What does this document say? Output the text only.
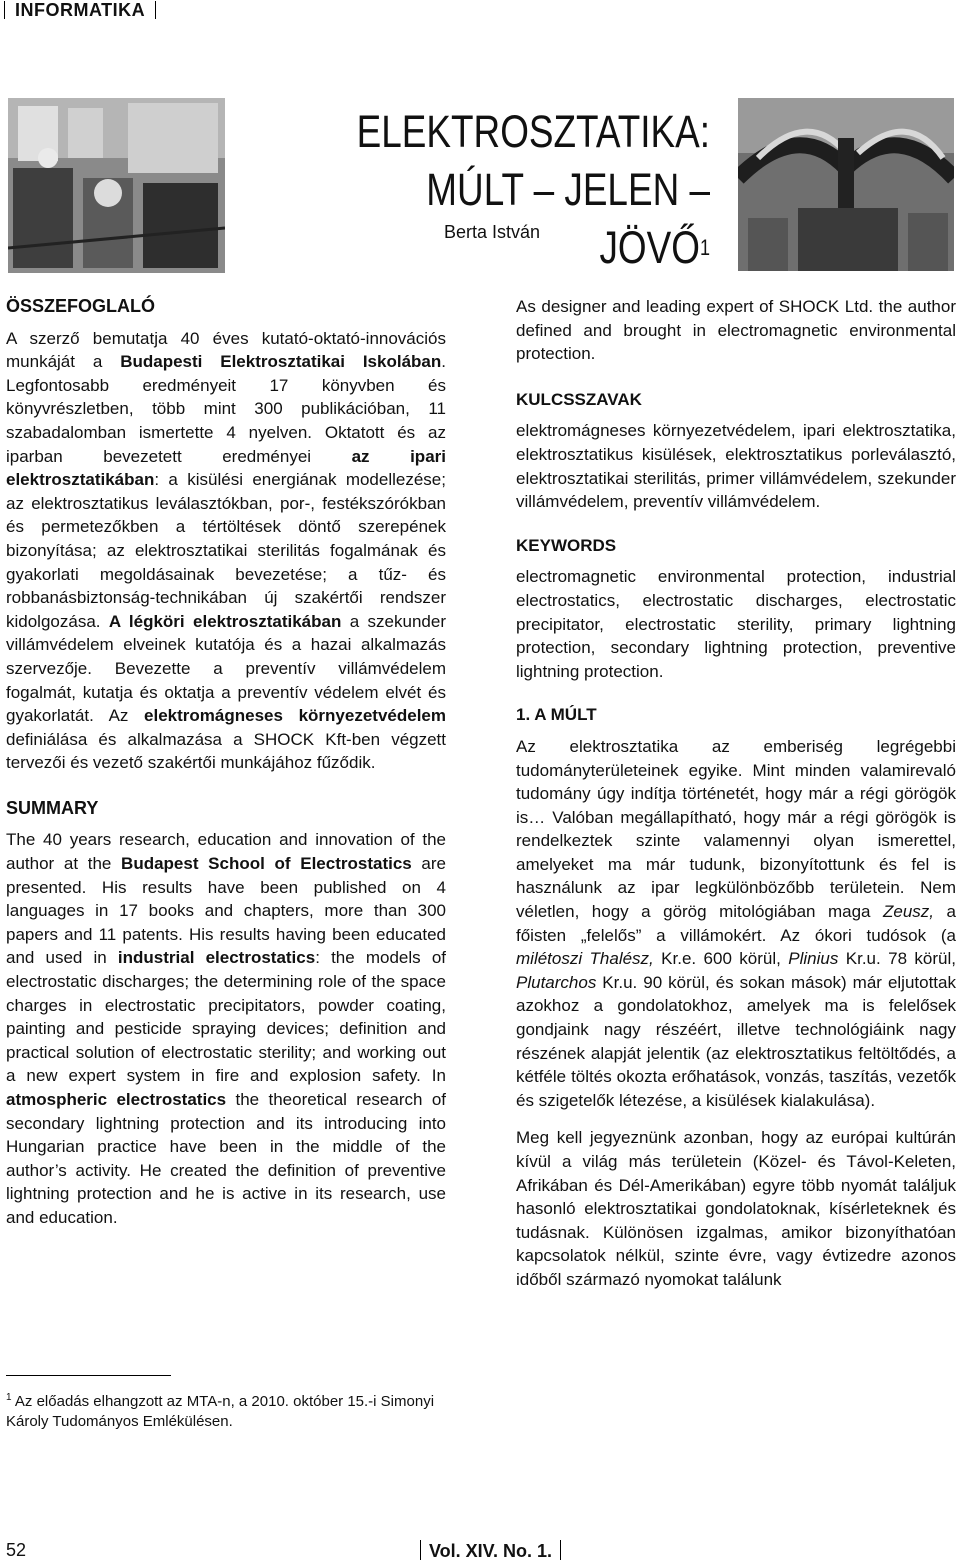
INFORMATIKA
ELEKTROSZTATIKA:
MÚLT – JELEN – JÖVŐ$^1$
Berta István
ÖSSZEFOGLALÓ

A szerző bemutatja 40 éves kutató-oktató-innovációs munkáját a Budapesti Elektrosztatikai Iskolában. Legfontosabb eredményeit 17 könyvben és könyvrészletben, több mint 300 publikációban, 11 szabadalomban ismertette 4 nyelven. Oktatott és az iparban bevezetett eredményei az ipari elektrosztatikában: a kisülési energiának modellezése; az elektrosztatikus leválasztókban, por-, festékszórókban és permetezőkben a tértöltések döntő szerepének bizonyítása; az elektrosztatikai sterilitás fogalmának és gyakorlati megoldásainak bevezetése; a tűz- és robbanásbiztonság-technikában új szakértői rendszer kidolgozása. A légköri elektrosztatikában a szekunder villámvédelem elveinek kutatója és a hazai alkalmazás szervezője. Bevezette a preventív villámvédelem fogalmát, kutatja és oktatja a preventív védelem elvét és gyakorlatát. Az elektromágneses környezetvédelem definiálása és alkalmazása a SHOCK Kft-ben végzett tervezői és vezető szakértői munkájához fűződik.

SUMMARY

The 40 years research, education and innovation of the author at the Budapest School of Electrostatics are presented. His results have been published on 4 languages in 17 books and chapters, more than 300 papers and 11 patents. His results having been educated and used in industrial electrostatics: the models of electrostatic discharges; the determining role of the space charges in electrostatic precipitators, powder coating, painting and pesticide spraying devices; definition and practical solution of electrostatic sterility; and working out a new expert system in fire and explosion safety. In atmospheric electrostatics the theoretical research of secondary lightning protection and its introducing into Hungarian practice have been in the middle of the author’s activity. He created the definition of preventive lightning protection and he is active in its research, use and education.

As designer and leading expert of SHOCK Ltd. the author defined and brought in electromagnetic environmental protection.

KULCSSZAVAK

elektromágneses környezetvédelem, ipari elektrosztatika, elektrosztatikus kisülések, elektrosztatikus porleválasztó, elektrosztatikai sterilitás, primer villámvédelem, szekunder villámvédelem, preventív villámvédelem.

KEYWORDS

electromagnetic environmental protection, industrial electrostatics, electrostatic discharges, electrostatic precipitator, electrostatic sterility, primary lightning protection, secondary lightning protection, preventive lightning protection.

1. A MÚLT

Az elektrosztatika az emberiség legrégebbi tudományterületeinek egyike. Mint minden valamirevaló tudomány úgy indítja történetét, hogy már a régi görögök is… Valóban megállapítható, hogy már a régi görögök is rendelkeztek szinte valamennyi olyan ismerettel, amelyeket ma már tudunk, bizonyítottunk és fel is használunk az ipar legkülönbözőbb területein. Nem véletlen, hogy a görög mitológiában maga Zeusz, a főisten „felelős” a villámokért. Az ókori tudósok (a milétoszi Thalész, Kr.e. 600 körül, Plinius Kr.u. 78 körül, Plutarchos Kr.u. 90 körül, és sokan mások) már eljutottak azokhoz a gondolatokhoz, amelyek ma is felelősek gondjaink nagy részéért, illetve technológiáink nagy részének alapját jelentik (az elektrosztatikus feltöltődés, a kétféle töltés okozta erőhatások, vonzás, taszítás, vezetők és szigetelők létezése, a kisülések kialakulása).

Meg kell jegyeznünk azonban, hogy az európai kultúrán kívül a világ más területein (Közel- és Távol-Keleten, Afrikában és Dél-Amerikában) egyre több nyomát találjuk hasonló elektrosztatikai gondolatoknak, kísérleteknek és tudásnak. Különösen izgalmas, amikor bizonyíthatóan kapcsolatok nélkül, szinte évre, vagy évtizedre azonos időből származó nyomokat találunk

$^1$ Az előadás elhangzott az MTA-n, a 2010. október 15.-i Simonyi Károly Tudományos Emlékülésen.
52	Vol. XIV. No. 1.
